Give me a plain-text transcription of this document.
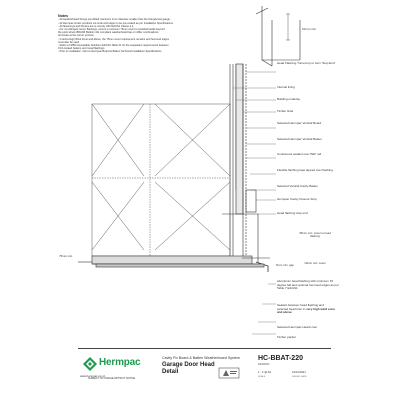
Notes
- All weatherboard fixings pre-drilled maximum 1mm diameter smaller than the fixing/screw gauge
- All Hermpac timber products cut ends and edges to be pre-coated as per Installation Specifications
- All fastenings and fixtures are to comply with E2/AS1 Clause 2.2
- For non-flanged corner flashings, ensure a minimum 75mm cover to weatherboards beyond
the point where BRANZ Bulletin 411 compliant weatherboard lap or infiller combinations
terminate at the corner junction
- In Extra High Wind Zone and above, the 75mm cover requirement remains and hemmed edges
must also be used
- Refer to NZBC Acceptable Solutions E2/AS1 Table 21 for the separation requirements between
CCA treated battens and metal flashings
- Prior to installation, refer to Hermpac Board & Batten Technical Installation Specifications
10mm min
Head Flashing Turned up to form 'Stop End'
Internal lining
Building underlay
Timber lintel
Selected Hermpac Vertical Board
Selected Hermpac Vertical Batten
Continuous sealant over PEF rod
Flexible flashing tape lapped over flashing
Selected Vertical Cavity Batten
Hermpac Cavity Closure Strip
Head flashing stop end
35mm min. cover to head flashing
5mm min. gap	10mm min. cover
75mm min.
Aluminium head flashing with minimum 15 degree fall and optional hemmed edges as per Table 7 E2/AS1
Sealant between head flashing and selected head liner in very high wind zone and above
Selected Hermpac Head Liner
Timber packer
Hermpac
www.hermpac.co.nz
SUBJECT TO CHANGE WITHOUT NOTICE
Cavity Fix Board & Batten Weatherboard System
Garage Door Head
Detail
HC-BBAT-220
DRAWING
1 : 2 @ A4
SCALE
21/11/2021
ISSUED DATE
